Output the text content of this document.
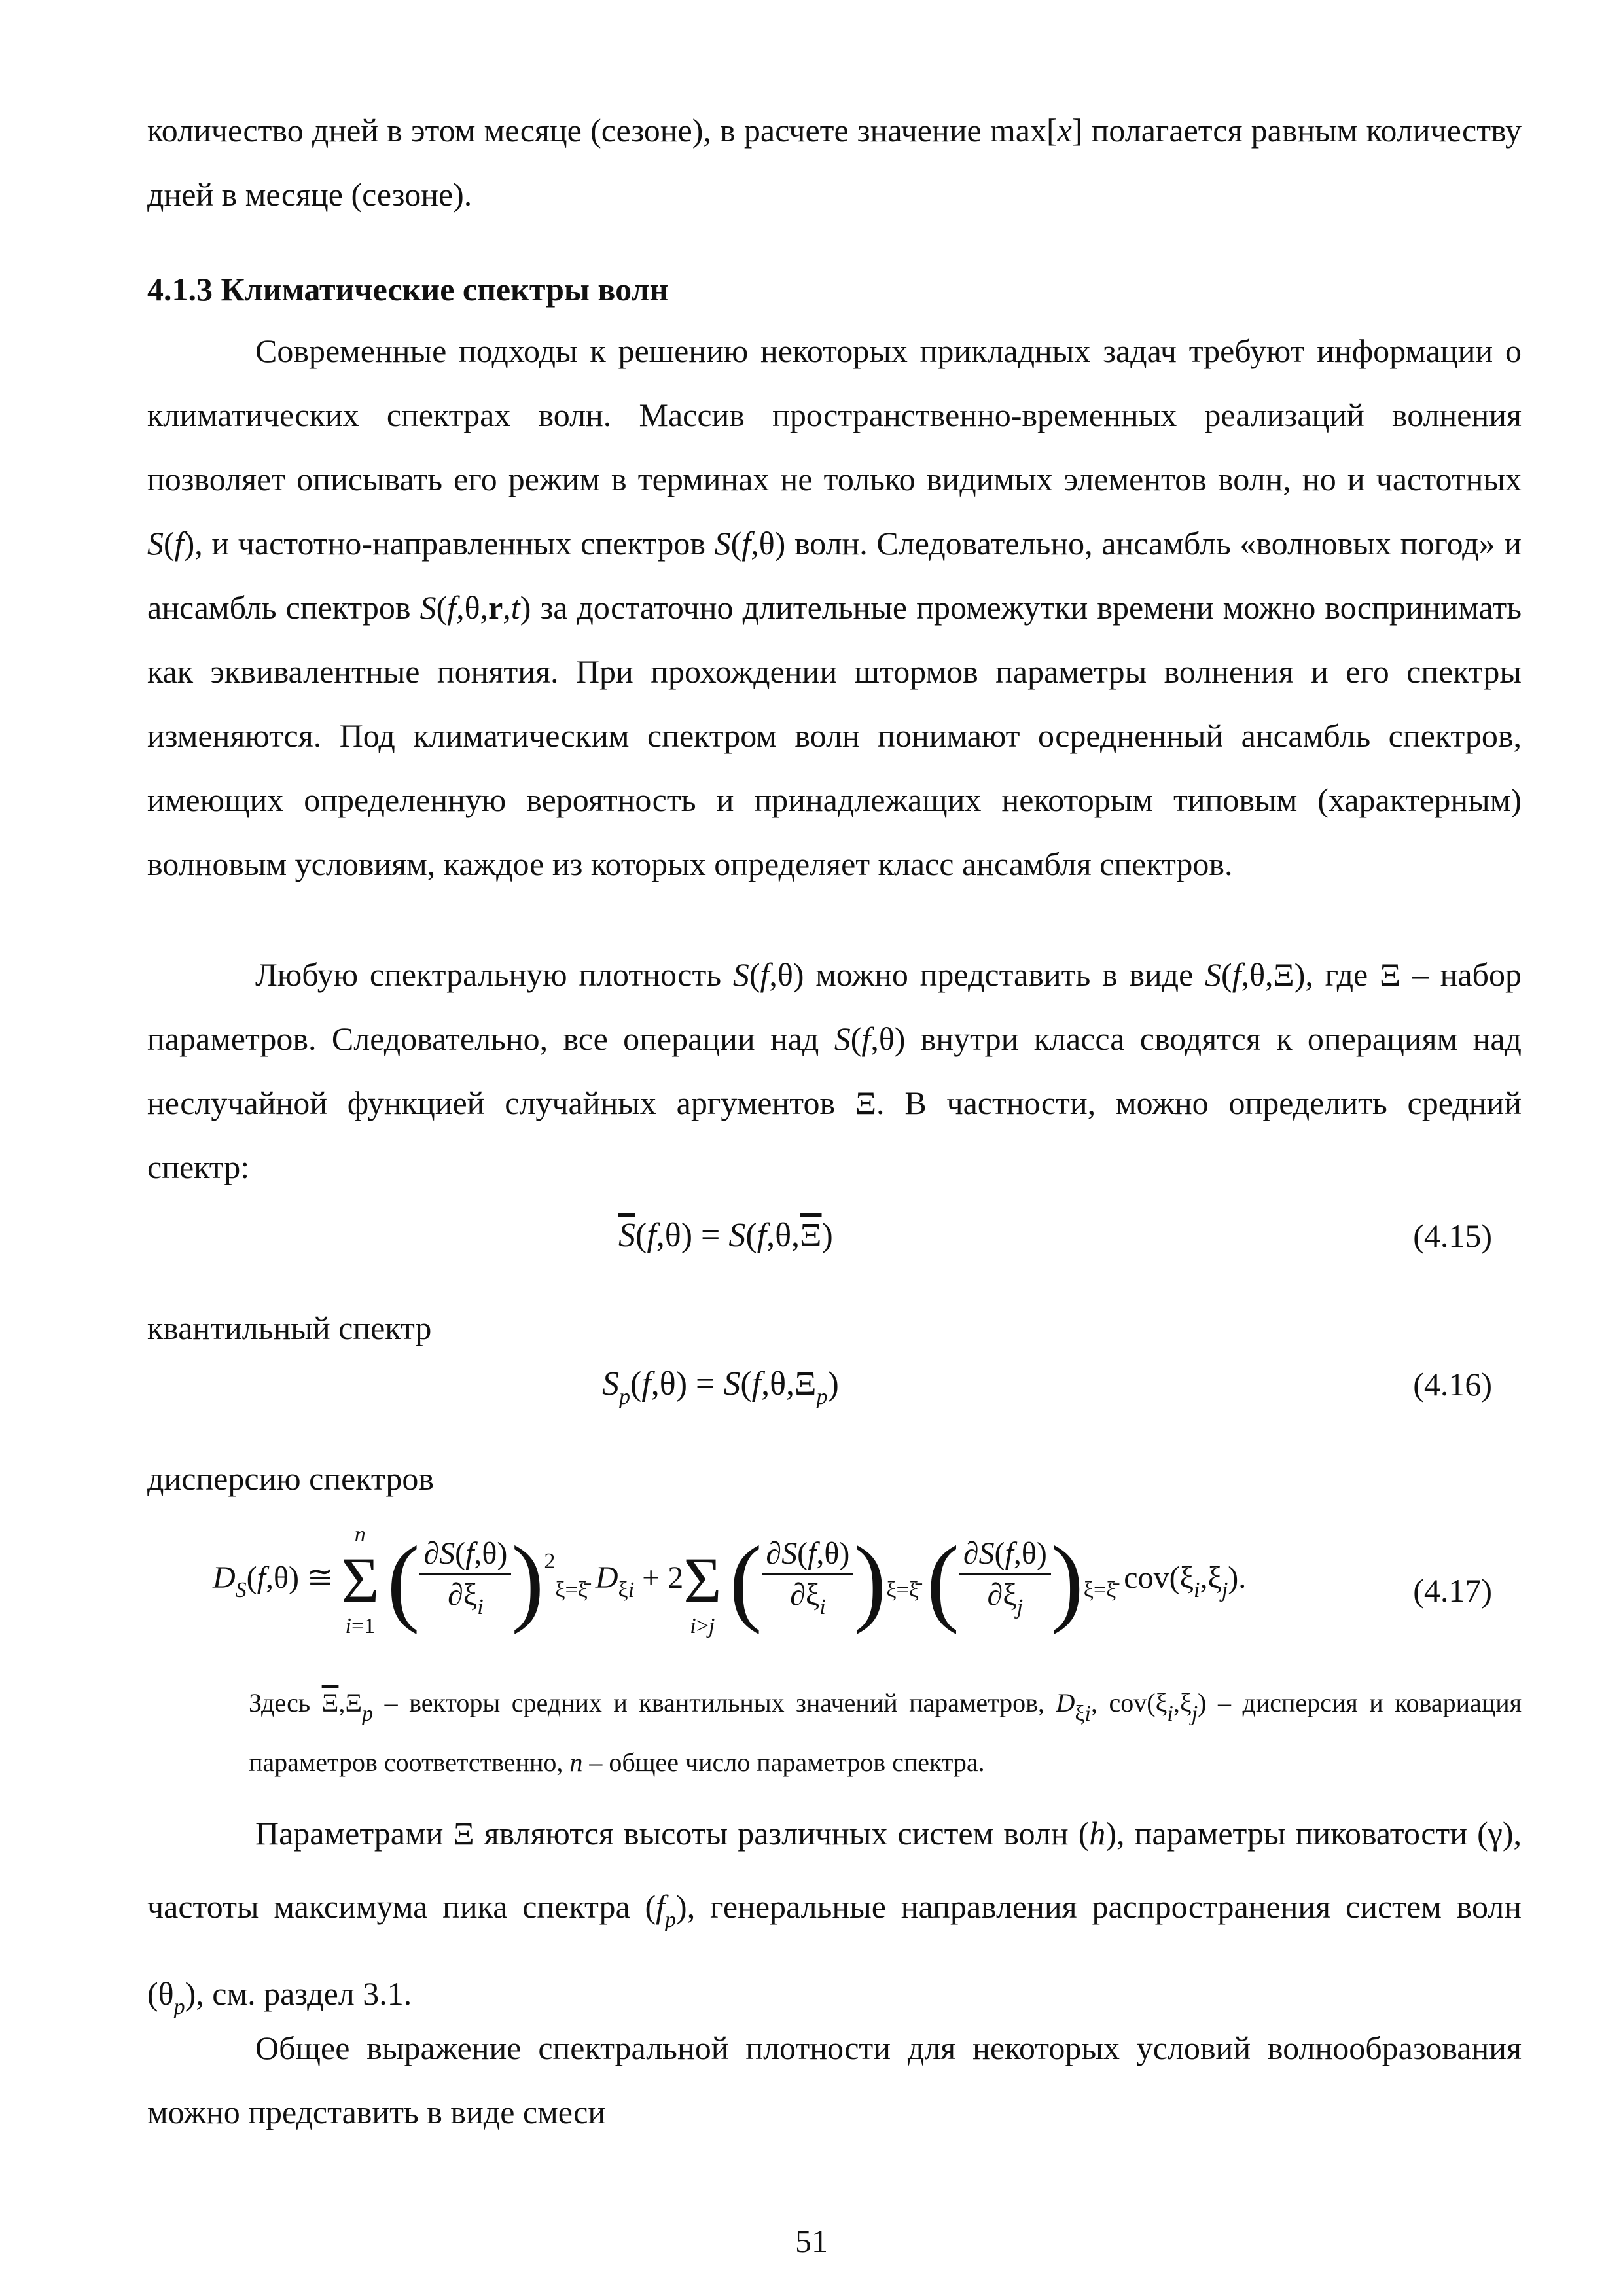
количество дней в этом месяце (сезоне), в расчете значение max[x] полагается равным количеству дней в месяце (сезоне).
4.1.3 Климатические спектры волн
Современные подходы к решению некоторых прикладных задач требуют информации о климатических спектрах волн. Массив пространственно-временных реализаций волнения позволяет описывать его режим в терминах не только видимых элементов волн, но и частотных S(f), и частотно-направленных спектров S(f,θ) волн. Следовательно, ансамбль «волновых погод» и ансамбль спектров S(f,θ,r,t) за достаточно длительные промежутки времени можно воспринимать как эквивалентные понятия. При прохождении штормов параметры волнения и его спектры изменяются. Под климатическим спектром волн понимают осредненный ансамбль спектров, имеющих определенную вероятность и принадлежащих некоторым типовым (характерным) волновым условиям, каждое из которых определяет класс ансамбля спектров.
Любую спектральную плотность S(f,θ) можно представить в виде S(f,θ,Ξ), где Ξ – набор параметров. Следовательно, все операции над S(f,θ) внутри класса сводятся к операциям над неслучайной функцией случайных аргументов Ξ. В частности, можно определить средний спектр:
$\overline{S}(f,\theta) = S(f,\theta,\overline{\Xi})$	(4.15)
квантильный спектр
$S_p(f,\theta) = S(f,\theta,\Xi_p)$	(4.16)
дисперсию спектров
$D_S(f,\theta)$ ≅
n
Σ
i=1 ( $\frac{\partial S(f,\theta)}{\partial\xi_i} )^2_{\xi=\xī}$ $D_{\xi i} + 2$
Σ
i>j ( $\frac{\partial S(f,\theta)}{\partial\xi_i} )_{\xi=\xī}$ ( $\frac{\partial S(f,\theta)}{\partial\xi_j} )_{\xi=\xī}$ $cov(\xi_i,\xi_j)$.	(4.17)
Здесь $\overline{\Xi},\Xi_p$ – векторы средних и квантильных значений параметров, $D_{\xi i}$, $cov(\xi_i,\xi_j)$ – дисперсия и ковариация параметров соответственно, n – общее число параметров спектра.
Параметрами Ξ являются высоты различных систем волн (h), параметры пиковатости (γ), частоты максимума пика спектра $(f_p)$, генеральные направления распространения систем волн $(\theta_p)$, см. раздел 3.1.
Общее выражение спектральной плотности для некоторых условий волнообразования можно представить в виде смеси
51
